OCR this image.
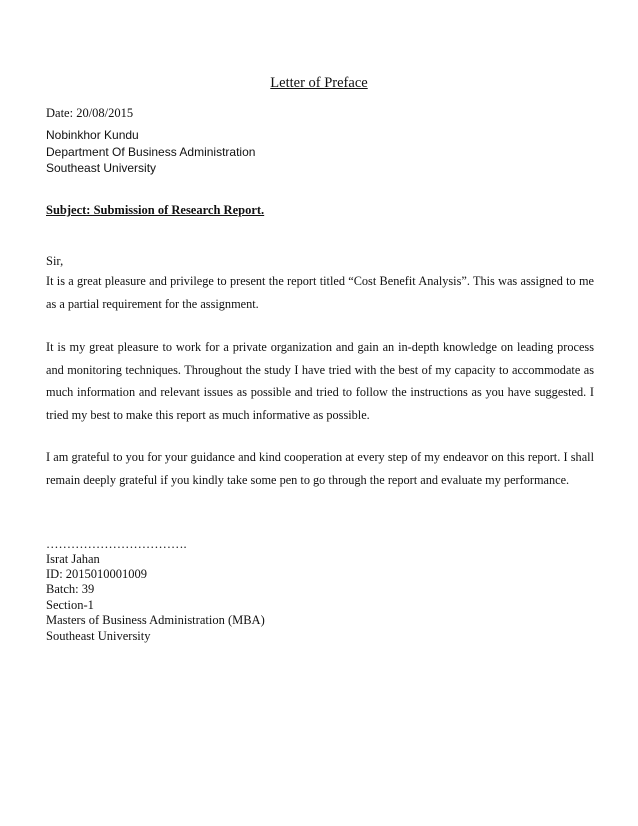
Letter of Preface
Date: 20/08/2015
Nobinkhor Kundu
Department Of Business Administration
Southeast University
Subject: Submission of Research Report.
Sir,
It is a great pleasure and privilege to present the report titled “Cost Benefit Analysis”. This was assigned to me as a partial requirement for the assignment.
It is my great pleasure to work for a private organization and gain an in-depth knowledge on leading process and monitoring techniques. Throughout the study I have tried with the best of my capacity to accommodate as much information and relevant issues as possible and tried to follow the instructions as you have suggested. I tried my best to make this report as much informative as possible.
I am grateful to you for your guidance and kind cooperation at every step of my endeavor on this report. I shall remain deeply grateful if you kindly take some pen to go through the report and evaluate my performance.
…………………………….
Israt Jahan
ID: 2015010001009
Batch: 39
Section-1
Masters of Business Administration (MBA)
Southeast University
